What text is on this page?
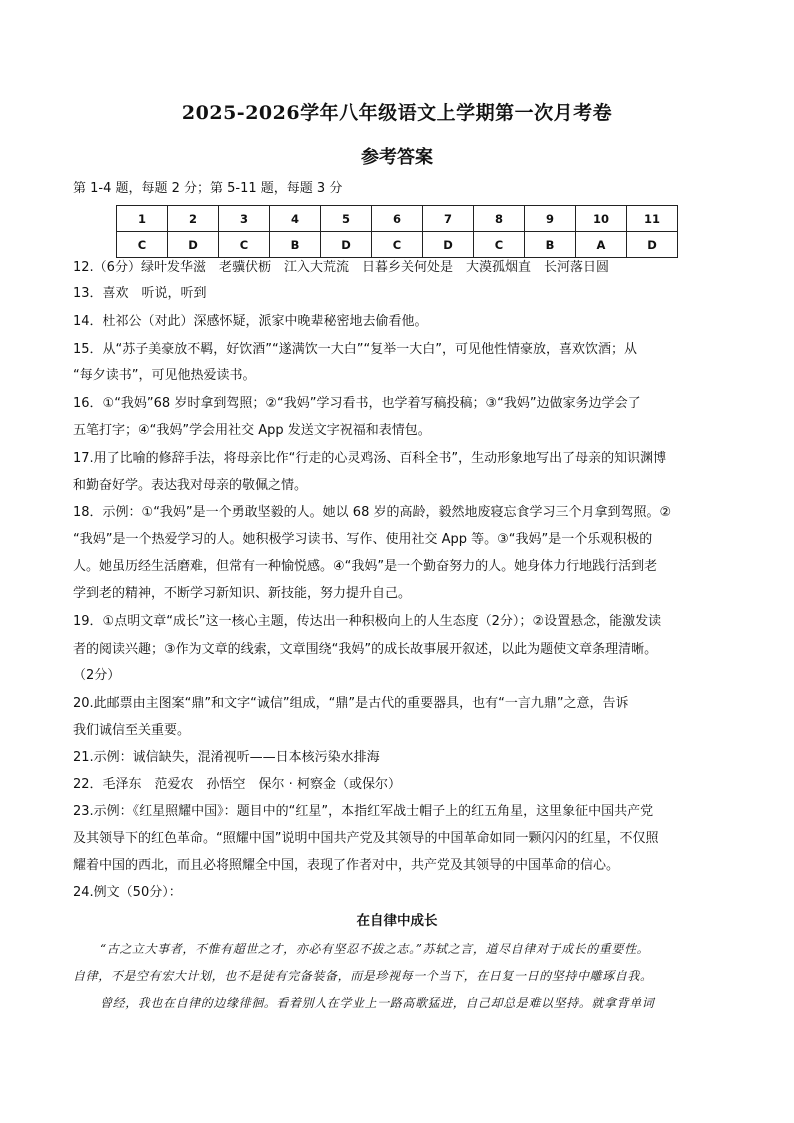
2025-2026学年八年级语文上学期第一次月考卷
参考答案
第 1-4 题，每题 2 分；第 5-11 题，每题 3 分
1	2	3	4	5	6	7	8	9	10	11
C	D	C	B	D	C	D	C	B	A	D
12.（6分）绿叶发华滋　老骥伏枥　江入大荒流　日暮乡关何处是　大漠孤烟直　长河落日圆
13．喜欢　听说，听到
14．杜祁公（对此）深感怀疑，派家中晚辈秘密地去偷看他。
15．从“苏子美豪放不羁，好饮酒”“遂满饮一大白”“复举一大白”，可见他性情豪放，喜欢饮酒；从
“每夕读书”，可见他热爱读书。
16．①“我妈”68 岁时拿到驾照；②“我妈”学习看书，也学着写稿投稿；③“我妈”边做家务边学会了
五笔打字；④“我妈”学会用社交 App 发送文字祝福和表情包。
17.用了比喻的修辞手法，将母亲比作“行走的心灵鸡汤、百科全书”，生动形象地写出了母亲的知识渊博
和勤奋好学。表达我对母亲的敬佩之情。
18．示例：①“我妈”是一个勇敢坚毅的人。她以 68 岁的高龄，毅然地废寝忘食学习三个月拿到驾照。②
“我妈”是一个热爱学习的人。她积极学习读书、写作、使用社交 App 等。③“我妈”是一个乐观积极的
人。她虽历经生活磨难，但常有一种愉悦感。④“我妈”是一个勤奋努力的人。她身体力行地践行活到老
学到老的精神，不断学习新知识、新技能，努力提升自己。
19．①点明文章“成长”这一核心主题，传达出一种积极向上的人生态度（2分）；②设置悬念，能激发读
者的阅读兴趣；③作为文章的线索，文章围绕“我妈”的成长故事展开叙述，以此为题使文章条理清晰。
（2分）
20.此邮票由主图案“鼎”和文字“诚信”组成，“鼎”是古代的重要器具，也有“一言九鼎”之意，告诉
我们诚信至关重要。
21.示例：诚信缺失，混淆视听——日本核污染水排海
22．毛泽东　范爱农　孙悟空　保尔 · 柯察金（或保尔）
23.示例：《红星照耀中国》：题目中的“红星”，本指红军战士帽子上的红五角星，这里象征中国共产党
及其领导下的红色革命。“照耀中国”说明中国共产党及其领导的中国革命如同一颗闪闪的红星，不仅照
耀着中国的西北，而且必将照耀全中国，表现了作者对中，共产党及其领导的中国革命的信心。
24.例文（50分）：
在自律中成长
“古之立大事者，不惟有超世之才，亦必有坚忍不拔之志。”苏轼之言，道尽自律对于成长的重要性。
自律，不是空有宏大计划，也不是徒有完备装备，而是珍视每一个当下，在日复一日的坚持中雕琢自我。
曾经，我也在自律的边缘徘徊。看着别人在学业上一路高歌猛进，自己却总是难以坚持。就拿背单词
